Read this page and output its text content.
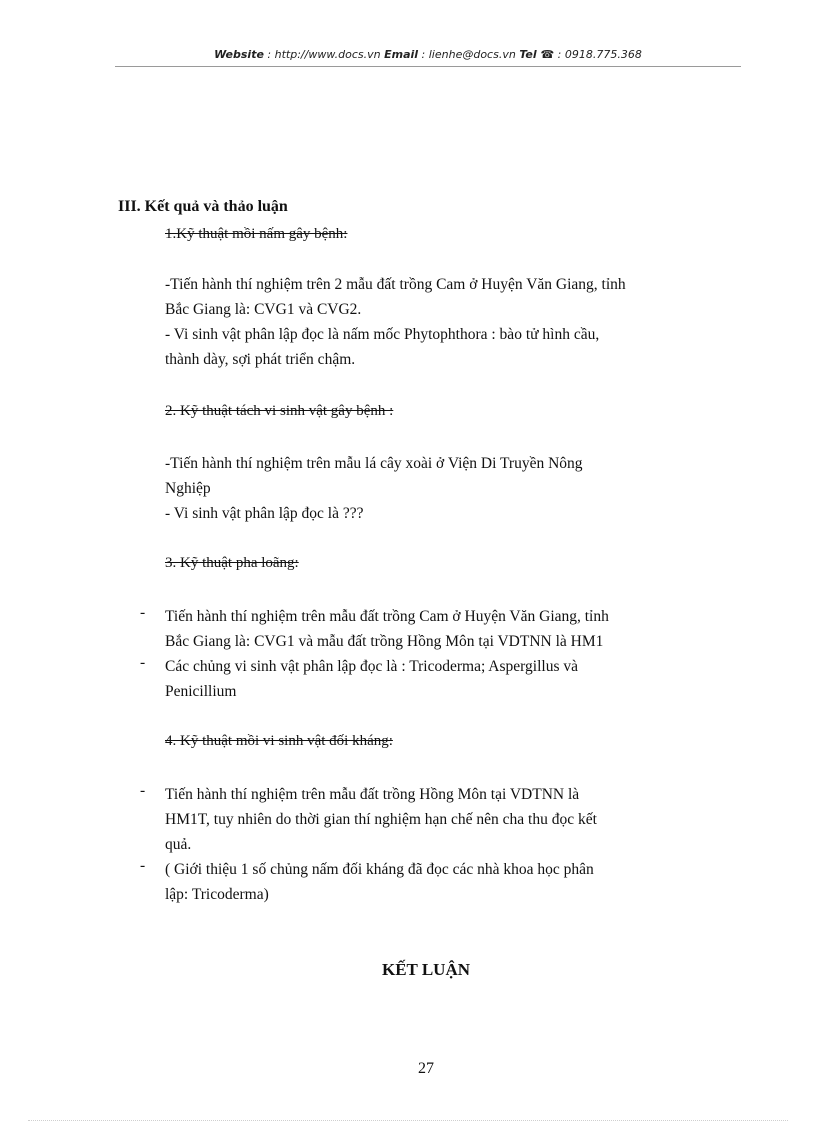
Website : http://www.docs.vn Email : lienhe@docs.vn Tel ☎ : 0918.775.368
III. Kết quả và thảo luận
1.Kỹ thuật mồi nấm gây bệnh:
-Tiến hành thí nghiệm trên 2 mẫu đất trồng Cam ở Huyện Văn Giang, tỉnh
Bắc Giang là: CVG1 và CVG2.
- Vi sinh vật phân lập đọc là nấm mốc Phytophthora : bào tử hình cầu,
thành dày, sợi phát triển chậm.
2. Kỹ thuật tách vi sinh vật gây bệnh :
-Tiến hành thí nghiệm trên mẫu lá cây xoài ở Viện Di Truyền Nông
Nghiệp
- Vi sinh vật phân lập đọc là ???
3. Kỹ thuật pha loãng:
- Tiến hành thí nghiệm trên mẫu đất trồng Cam ở Huyện Văn Giang, tỉnh
Bắc Giang là: CVG1 và mẫu đất trồng Hồng Môn tại VDTNN là HM1
- Các chủng vi sinh vật phân lập đọc là : Tricoderma; Aspergillus và
Penicillium
4. Kỹ thuật mồi vi sinh vật đối kháng:
- Tiến hành thí nghiệm trên mẫu đất trồng Hồng Môn tại VDTNN là
HM1T, tuy nhiên do thời gian thí nghiệm hạn chế nên cha thu đọc kết
quả.
- ( Giới thiệu 1 số chủng nấm đối kháng đã đọc các nhà khoa học phân
lập: Tricoderma)
KẾT LUẬN
27
